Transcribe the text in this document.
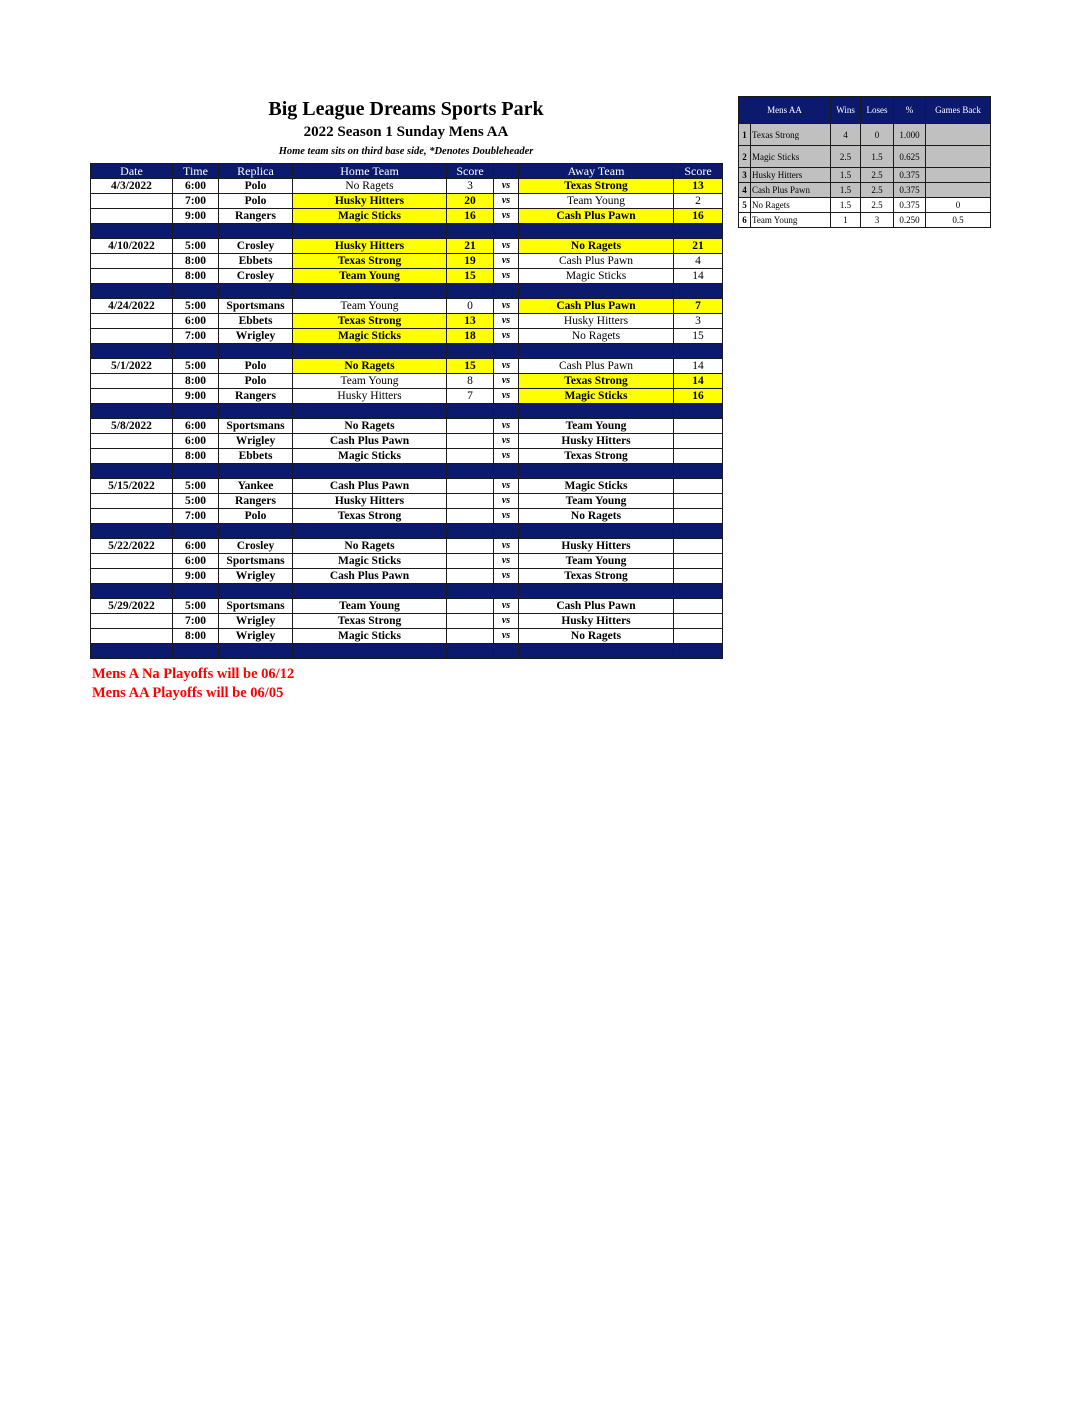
Big League Dreams Sports Park
2022 Season 1 Sunday Mens AA
Home team sits on third base side, *Denotes Doubleheader
Date	Time	Replica	Home Team	Score		Away Team	Score
4/3/2022	6:00	Polo	No Ragets	3	vs	Texas Strong	13
	7:00	Polo	Husky Hitters	20	vs	Team Young	2
	9:00	Rangers	Magic Sticks	16	vs	Cash Plus Pawn	16

4/10/2022	5:00	Crosley	Husky Hitters	21	vs	No Ragets	21
	8:00	Ebbets	Texas Strong	19	vs	Cash Plus Pawn	4
	8:00	Crosley	Team Young	15	vs	Magic Sticks	14

4/24/2022	5:00	Sportsmans	Team Young	0	vs	Cash Plus Pawn	7
	6:00	Ebbets	Texas Strong	13	vs	Husky Hitters	3
	7:00	Wrigley	Magic Sticks	18	vs	No Ragets	15

5/1/2022	5:00	Polo	No Ragets	15	vs	Cash Plus Pawn	14
	8:00	Polo	Team Young	8	vs	Texas Strong	14
	9:00	Rangers	Husky Hitters	7	vs	Magic Sticks	16

5/8/2022	6:00	Sportsmans	No Ragets		vs	Team Young	
	6:00	Wrigley	Cash Plus Pawn		vs	Husky Hitters	
	8:00	Ebbets	Magic Sticks		vs	Texas Strong	

5/15/2022	5:00	Yankee	Cash Plus Pawn		vs	Magic Sticks	
	5:00	Rangers	Husky Hitters		vs	Team Young	
	7:00	Polo	Texas Strong		vs	No Ragets	

5/22/2022	6:00	Crosley	No Ragets		vs	Husky Hitters	
	6:00	Sportsmans	Magic Sticks		vs	Team Young	
	9:00	Wrigley	Cash Plus Pawn		vs	Texas Strong	

5/29/2022	5:00	Sportsmans	Team Young		vs	Cash Plus Pawn	
	7:00	Wrigley	Texas Strong		vs	Husky Hitters	
	8:00	Wrigley	Magic Sticks		vs	No Ragets	

Mens A Na Playoffs will be 06/12
Mens AA Playoffs will be 06/05
Mens AA		Wins	Loses	%	Games Back
1	Texas Strong	4	0	1.000	
2	Magic Sticks	2.5	1.5	0.625	
3	Husky Hitters	1.5	2.5	0.375	
4	Cash Plus Pawn	1.5	2.5	0.375	
5	No Ragets	1.5	2.5	0.375	0
6	Team Young	1	3	0.250	0.5
